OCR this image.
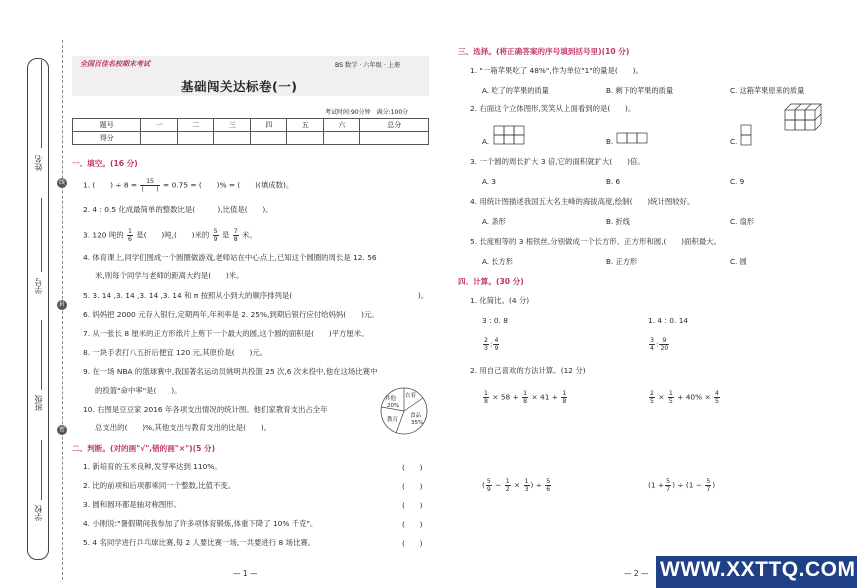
姓名
学号
班级
学校
线
封
密
全国百佳名校期末考试	BS 数学 · 六年级 · 上册
基础闯关达标卷(一)
考试时间:90分钟　满分:100分
题号	一	二	三	四	五	六	总分
得分							
一、填空。(16 分)
1. (　　) ÷ $8 = \frac{15}{( )} = 0.75$ = (　　)% = (　　)(填成数)。
2. 4 : 0.5 化成最简单的整数比是(　　　),比值是(　　)。
3. 120 吨的 $\frac{1}{6}$ 是(　　)吨,(　　)米的 $\frac{5}{9}$ 是 $\frac{7}{8}$ 米。
4. 体育课上,同学们围成一个圆圈做游戏,老师站在中心点上,已知这个圆圈的周长是 12. 56
米,则每个同学与老师的距离大约是(　　)米。
5. 3. 14 ,3. 1̇4 ,3. 1̇4̇ ,3. 14 和 π 按照从小到大的顺序排列是(　　　　　　　　　　　　　　　　　)。
6. 妈妈把 2000 元存入银行,定期两年,年利率是 2. 25%,到期后银行应付给妈妈(　　)元。
7. 从一张长 8 厘米的正方形纸片上剪下一个最大的圆,这个圆的面积是(　　)平方厘米。
8. 一块手表打八五折后便宜 120 元,其原价是(　　)元。
9. 在一场 NBA 的篮球赛中,我国著名运动员姚明共投篮 25 次,6 次未投中,他在这场比赛中
的投篮"命中率"是(　　)。
10. 右图是豆豆家 2016 年各项支出情况的统计图。他们家教育支出占全年
总支出的(　　)%,其他支出与教育支出的比是(　　)。
其他
20%
衣着
食品
35%
教育
二、判断。(对的画"√",错的画"×")(5 分)
1. 新培育的玉米良种,发芽率达到 110%。	(　　)
2. 比的前项和后项都乘同一个整数,比值不变。	(　　)
3. 圆和圆环都是轴对称图形。	(　　)
4. 小刚说:"暑假期间我参加了许多项体育锻炼,体重下降了 10% 千克"。	(　　)
5. 4 名同学进行乒乓球比赛,每 2 人要比赛一场,一共要进行 8 场比赛。	(　　)
— 1 —
三、选择。(将正确答案的序号填到括号里)(10 分)
1. "一箱苹果吃了 48%",作为单位"1"的量是(　　)。
A. 吃了的苹果的质量	B. 剩下的苹果的质量	C. 这箱苹果原来的质量
2. 右面这个立体图形,笑笑从上面看到的是(　　)。
A.	B.	C.
3. 一个圆的周长扩大 3 倍,它的面积就扩大(　　)倍。
A. 3	B. 6	C. 9
4. 用统计图描述我国五大名主峰的海拔高度,绘制(　　)统计图较好。
A. 条形	B. 折线	C. 扇形
5. 长度相等的 3 根铁丝,分别做成一个长方形、正方形和圆,(　　)面积最大。
A. 长方形	B. 正方形	C. 圆
四、计算。(30 分)
1. 化简比。(4 分)
3 : 0. 8	1. 4 : 0. 14
$\frac{2}{3}$ : $\frac{4}{9}$	$\frac{3}{4}$ : $\frac{9}{20}$
2. 用自己喜欢的方法计算。(12 分)
$\frac{1}{8} \times 58 + \frac{1}{8} \times 41 + \frac{1}{8}$	$\frac{2}{5} \times \frac{1}{5} + 40\% \times \frac{4}{5}$
( $\frac{5}{9} - \frac{1}{2} \times \frac{1}{3}$ ) ÷ $\frac{5}{6}$	($1 + \frac{5}{7}$ ) ÷ ($1 - \frac{5}{7}$ )
— 2 — WWW.XXTTQ.COM
